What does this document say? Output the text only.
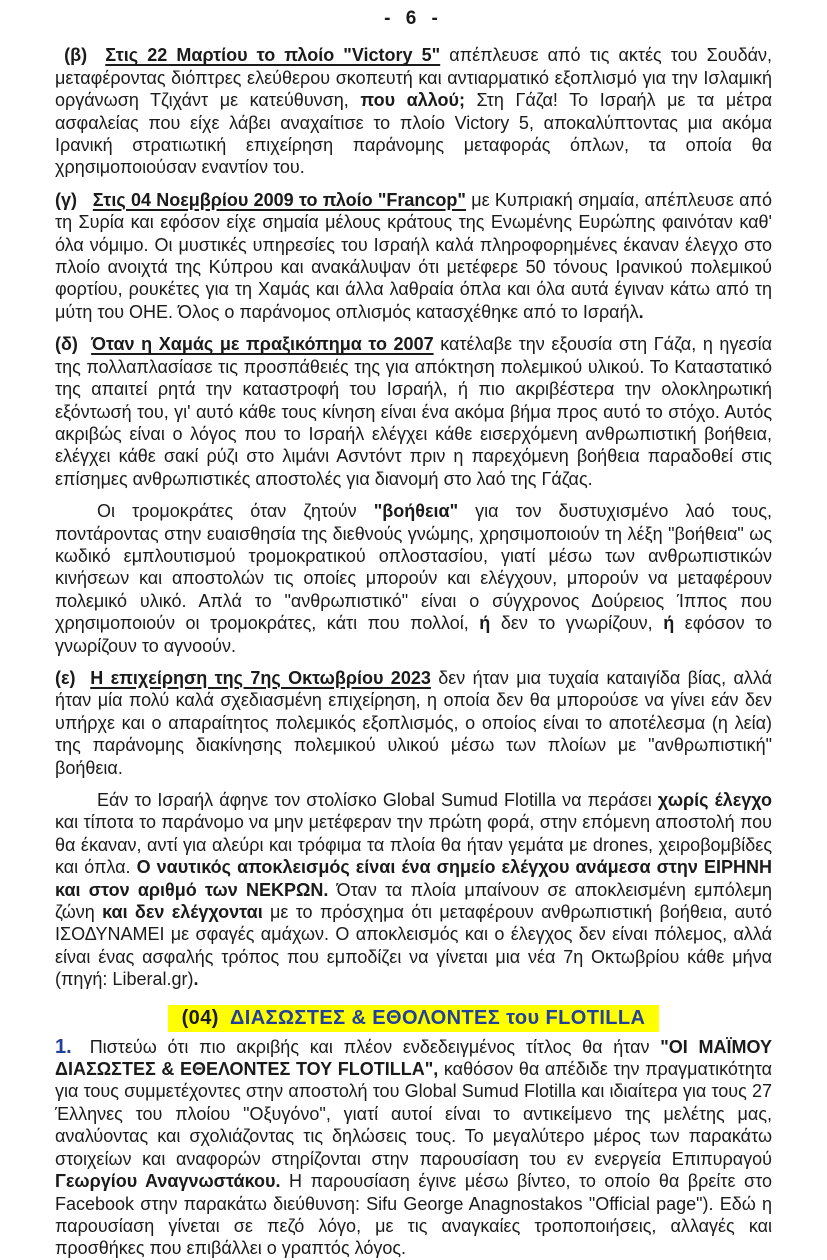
- 6 -

(β)  Στις 22 Μαρτίου το πλοίο "Victory 5" απέπλευσε από τις ακτές του Σουδάν, μεταφέροντας διόπτρες ελεύθερου σκοπευτή και αντιαρματικό εξοπλισμό για την Ισλαμική οργάνωση Τζιχάντ με κατεύθυνση, που αλλού; Στη Γάζα! Το Ισραήλ με τα μέτρα ασφαλείας που είχε λάβει αναχαίτισε το πλοίο Victory 5, αποκαλύπτοντας μια ακόμα Ιρανική στρατιωτική επιχείρηση παράνομης μεταφοράς όπλων, τα οποία θα χρησιμοποιούσαν εναντίον του.

(γ)   Στις 04 Νοεμβρίου 2009 το πλοίο "Francop" με Κυπριακή σημαία, απέπλευσε από τη Συρία και εφόσον είχε σημαία μέλους κράτους της Ενωμένης Ευρώπης φαινόταν καθ' όλα νόμιμο. Οι μυστικές υπηρεσίες του Ισραήλ καλά πληροφορημένες έκαναν έλεγχο στο πλοίο ανοιχτά της Κύπρου και ανακάλυψαν ότι μετέφερε 50 τόνους Ιρανικού πολεμικού φορτίου, ρουκέτες για τη Χαμάς και άλλα λαθραία όπλα και όλα αυτά έγιναν κάτω από τη μύτη του ΟΗΕ. Όλος ο παράνομος οπλισμός κατασχέθηκε από το Ισραήλ.

(δ)  Όταν η Χαμάς με πραξικόπημα το 2007 κατέλαβε την εξουσία στη Γάζα, η ηγεσία της πολλαπλασίασε τις προσπάθειές της για απόκτηση πολεμικού υλικού. Το Καταστατικό της απαιτεί ρητά την καταστροφή του Ισραήλ, ή πιο ακριβέστερα την ολοκληρωτική εξόντωσή του, γι' αυτό κάθε τους κίνηση είναι ένα ακόμα βήμα προς αυτό το στόχο. Αυτός ακριβώς είναι ο λόγος που το Ισραήλ ελέγχει κάθε εισερχόμενη ανθρωπιστική βοήθεια, ελέγχει κάθε σακί ρύζι στο λιμάνι Ασντόντ πριν η παρεχόμενη βοήθεια παραδοθεί στις επίσημες ανθρωπιστικές αποστολές για διανομή στο λαό της Γάζας.

Οι τρομοκράτες όταν ζητούν "βοήθεια" για τον δυστυχισμένο λαό τους, ποντάροντας στην ευαισθησία της διεθνούς γνώμης, χρησιμοποιούν τη λέξη "βοήθεια" ως κωδικό εμπλουτισμού τρομοκρατικού οπλοστασίου, γιατί μέσω των ανθρωπιστικών κινήσεων και αποστολών τις οποίες μπορούν και ελέγχουν, μπορούν να μεταφέρουν πολεμικό υλικό. Απλά το "ανθρωπιστικό" είναι ο σύγχρονος Δούρειος Ίππος που χρησιμοποιούν οι τρομοκράτες, κάτι που πολλοί, ή δεν το γνωρίζουν, ή εφόσον το γνωρίζουν το αγνοούν.

(ε)  Η επιχείρηση της 7ης Οκτωβρίου 2023 δεν ήταν μια τυχαία καταιγίδα βίας, αλλά ήταν μία πολύ καλά σχεδιασμένη επιχείρηση, η οποία δεν θα μπορούσε να γίνει εάν δεν υπήρχε και ο απαραίτητος πολεμικός εξοπλισμός, ο οποίος είναι το αποτέλεσμα (η λεία) της παράνομης διακίνησης πολεμικού υλικού μέσω των πλοίων με "ανθρωπιστική" βοήθεια.

Εάν το Ισραήλ άφηνε τον στολίσκο Global Sumud Flotilla να περάσει χωρίς έλεγχο και τίποτα το παράνομο να μην μετέφεραν την πρώτη φορά, στην επόμενη αποστολή που θα έκαναν, αντί για αλεύρι και τρόφιμα τα πλοία θα ήταν γεμάτα με drones, χειροβομβίδες και όπλα. Ο ναυτικός αποκλεισμός είναι ένα σημείο ελέγχου ανάμεσα στην ΕΙΡΗΝΗ και στον αριθμό των ΝΕΚΡΩΝ. Όταν τα πλοία μπαίνουν σε αποκλεισμένη εμπόλεμη ζώνη και δεν ελέγχονται με το πρόσχημα ότι μεταφέρουν ανθρωπιστική βοήθεια, αυτό ΙΣΟΔΥΝΑΜΕΙ με σφαγές αμάχων. Ο αποκλεισμός και ο έλεγχος δεν είναι πόλεμος, αλλά είναι ένας ασφαλής τρόπος που εμποδίζει να γίνεται μια νέα 7η Οκτωβρίου κάθε μήνα (πηγή: Liberal.gr).

(04)  ΔΙΑΣΩΣΤΕΣ & ΕΘΟΛΟΝΤΕΣ του FLOTILLA

1. Πιστεύω ότι πιο ακριβής και πλέον ενδεδειγμένος τίτλος θα ήταν "ΟΙ ΜΑΪΜΟΥ ΔΙΑΣΩΣΤΕΣ & ΕΘΕΛΟΝΤΕΣ ΤΟΥ FLOTILLA", καθόσον θα απέδιδε την πραγματικότητα για τους συμμετέχοντες στην αποστολή του Global Sumud Flotilla και ιδιαίτερα για τους 27 Έλληνες του πλοίου "Οξυγόνο", γιατί αυτοί είναι το αντικείμενο της μελέτης μας, αναλύοντας και σχολιάζοντας τις δηλώσεις τους. Το μεγαλύτερο μέρος των παρακάτω στοιχείων και αναφορών στηρίζονται στην παρουσίαση του εν ενεργεία Επιπυραγού Γεωργίου Αναγνωστάκου. Η παρουσίαση έγινε μέσω βίντεο, το οποίο θα βρείτε στο Facebook στην παρακάτω διεύθυνση: Sifu George Anagnostakos "Official page"). Εδώ η παρουσίαση γίνεται σε πεζό λόγο, με τις αναγκαίες τροποποιήσεις, αλλαγές και προσθήκες που επιβάλλει ο γραπτός λόγος.
